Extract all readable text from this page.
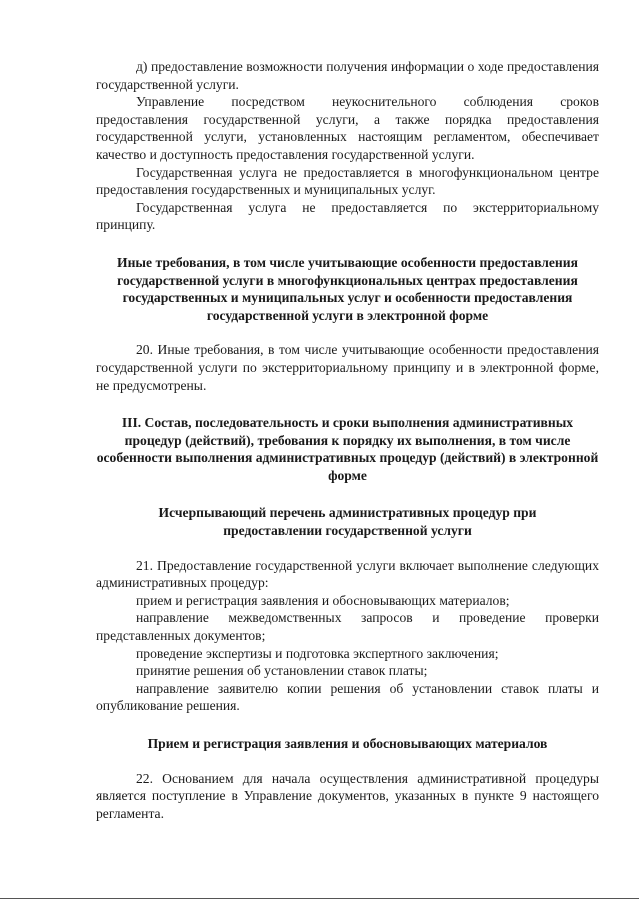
д) предоставление возможности получения информации о ходе предоставления государственной услуги.

Управление посредством неукоснительного соблюдения сроков предоставления государственной услуги, а также порядка предоставления государственной услуги, установленных настоящим регламентом, обеспечивает качество и доступность предоставления государственной услуги.

Государственная услуга не предоставляется в многофункциональном центре предоставления государственных и муниципальных услуг.

Государственная услуга не предоставляется по экстерриториальному принципу.

Иные требования, в том числе учитывающие особенности предоставления государственной услуги в многофункциональных центрах предоставления государственных и муниципальных услуг и особенности предоставления государственной услуги в электронной форме

20. Иные требования, в том числе учитывающие особенности предоставления государственной услуги по экстерриториальному принципу и в электронной форме, не предусмотрены.

III. Состав, последовательность и сроки выполнения административных процедур (действий), требования к порядку их выполнения, в том числе особенности выполнения административных процедур (действий) в электронной форме

Исчерпывающий перечень административных процедур при предоставлении государственной услуги

21. Предоставление государственной услуги включает выполнение следующих административных процедур:

прием и регистрация заявления и обосновывающих материалов;

направление межведомственных запросов и проведение проверки представленных документов;

проведение экспертизы и подготовка экспертного заключения;

принятие решения об установлении ставок платы;

направление заявителю копии решения об установлении ставок платы и опубликование решения.

Прием и регистрация заявления и обосновывающих материалов

22. Основанием для начала осуществления административной процедуры является поступление в Управление документов, указанных в пункте 9 настоящего регламента.
